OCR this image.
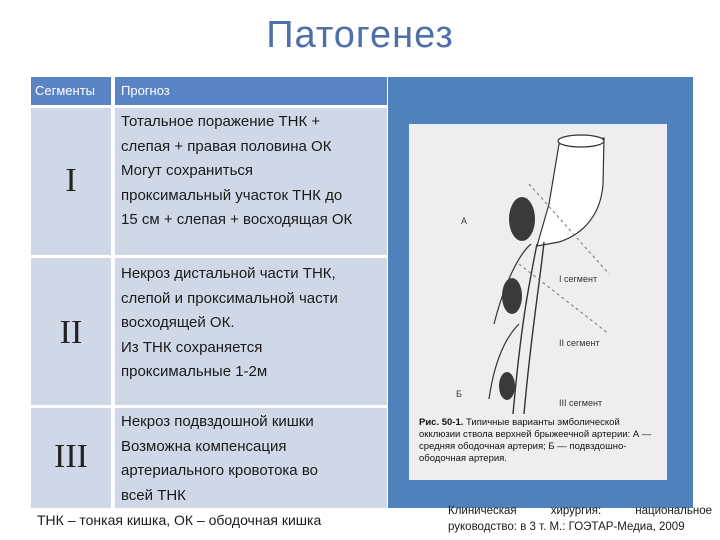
Патогенез
Сегменты	Прогноз
I
Тотальное поражение ТНК +
слепая + правая половина ОК
Могут сохраниться
проксимальный участок ТНК до
15 см + слепая + восходящая ОК
II
Некроз дистальной части ТНК,
слепой и проксимальной части
восходящей ОК.
Из ТНК сохраняется
проксимальные 1-2м
III
Некроз подвздошной кишки
Возможна компенсация
артериального кровотока во
всей ТНК
А
I сегмент
II сегмент
Б
III сегмент
Рис. 50-1. Типичные варианты эмболической окклюзии ствола верхней брыжеечной артерии: А — средняя ободочная артерия; Б — подвздошно-ободочная артерия.
ТНК – тонкая кишка, ОК – ободочная кишка
Клиническая	хирургия:	национальное
руководство: в 3 т. М.: ГОЭТАР-Медиа, 2009
